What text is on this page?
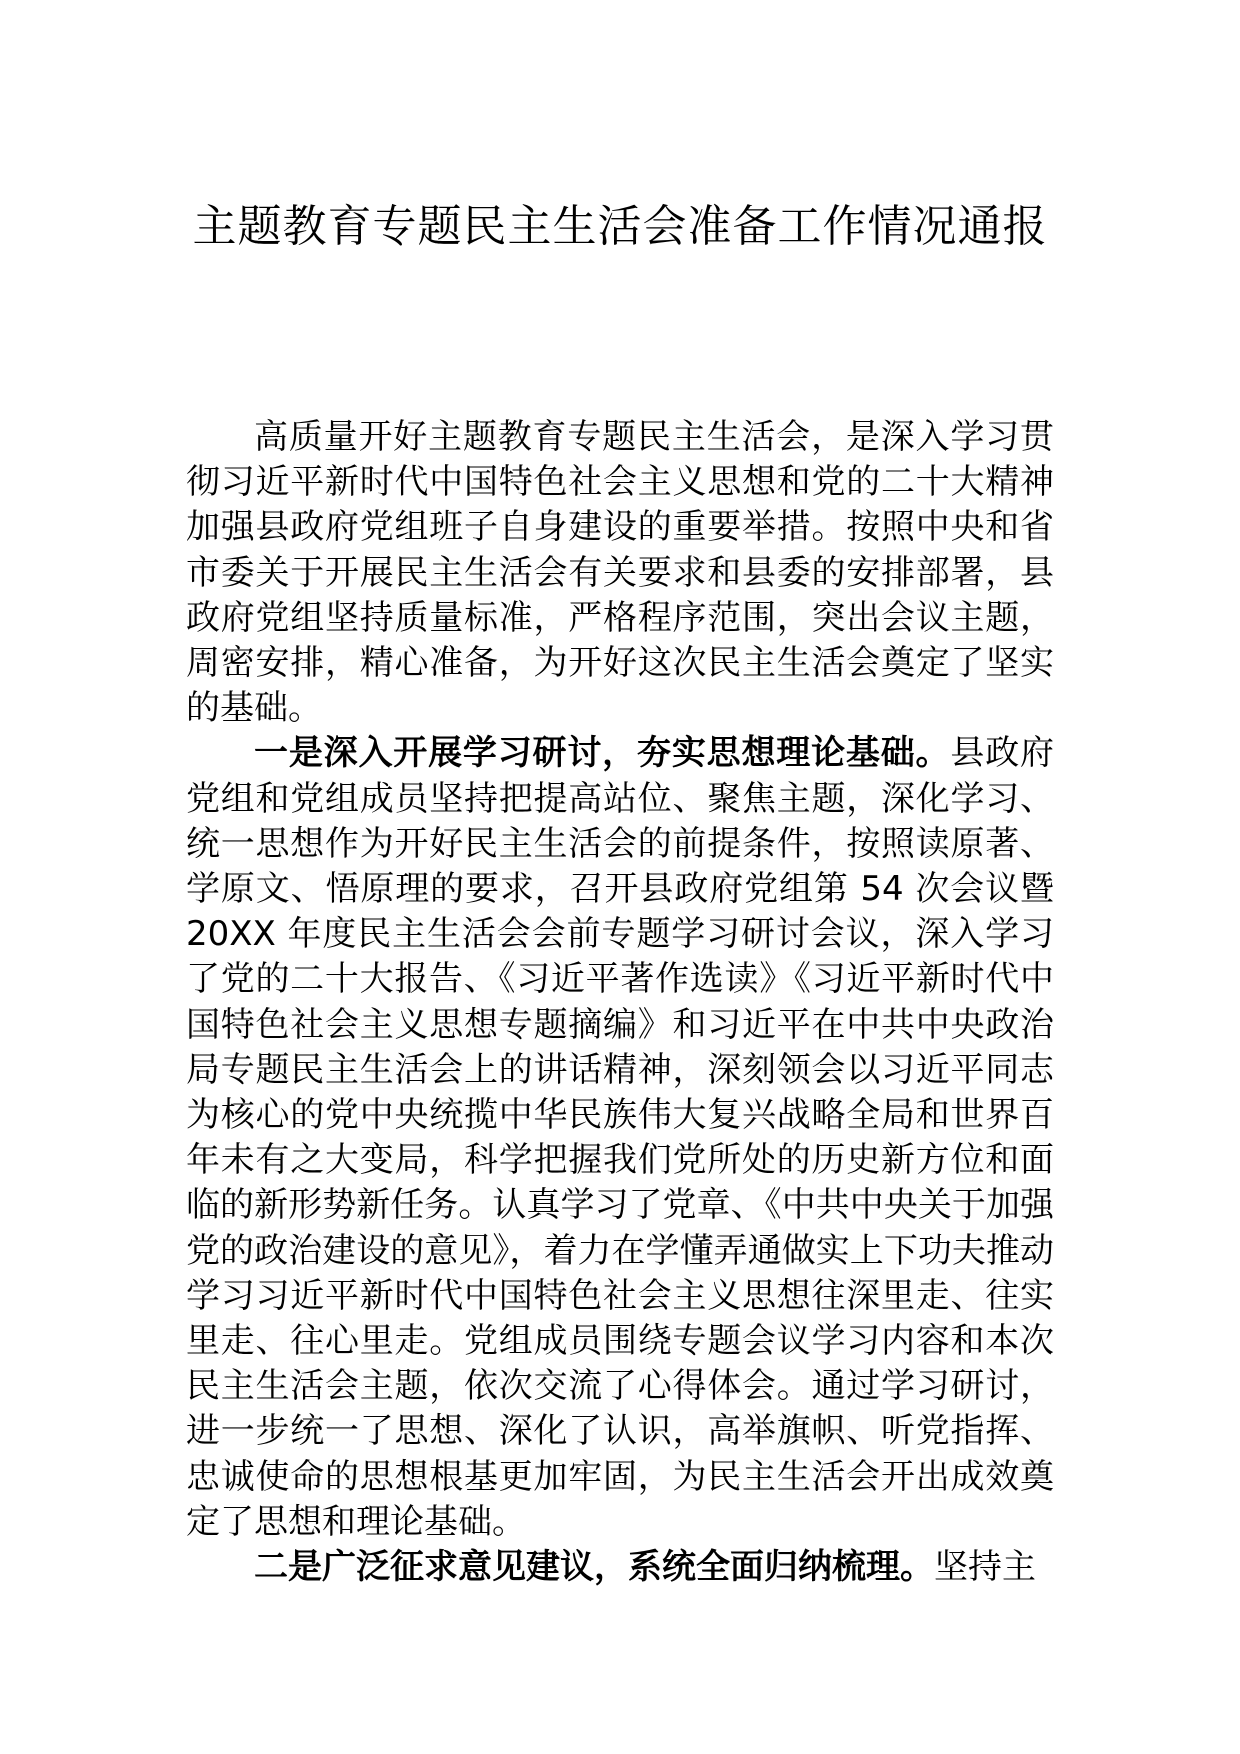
主题教育专题民主生活会准备工作情况通报

高质量开好主题教育专题民主生活会，是深入学习贯彻习近平新时代中国特色社会主义思想和党的二十大精神加强县政府党组班子自身建设的重要举措。按照中央和省市委关于开展民主生活会有关要求和县委的安排部署，县政府党组坚持质量标准，严格程序范围，突出会议主题，周密安排，精心准备，为开好这次民主生活会奠定了坚实的基础。

一是深入开展学习研讨，夯实思想理论基础。县政府党组和党组成员坚持把提高站位、聚焦主题，深化学习、统一思想作为开好民主生活会的前提条件，按照读原著、学原文、悟原理的要求，召开县政府党组第 54 次会议暨 20XX 年度民主生活会会前专题学习研讨会议，深入学习了党的二十大报告、《习近平著作选读》《习近平新时代中国特色社会主义思想专题摘编》和习近平在中共中央政治局专题民主生活会上的讲话精神，深刻领会以习近平同志为核心的党中央统揽中华民族伟大复兴战略全局和世界百年未有之大变局，科学把握我们党所处的历史新方位和面临的新形势新任务。认真学习了党章、《中共中央关于加强党的政治建设的意见》，着力在学懂弄通做实上下功夫推动学习习近平新时代中国特色社会主义思想往深里走、往实里走、往心里走。党组成员围绕专题会议学习内容和本次民主生活会主题，依次交流了心得体会。通过学习研讨，进一步统一了思想、深化了认识，高举旗帜、听党指挥、忠诚使命的思想根基更加牢固，为民主生活会开出成效奠定了思想和理论基础。

二是广泛征求意见建议，系统全面归纳梳理。坚持主
